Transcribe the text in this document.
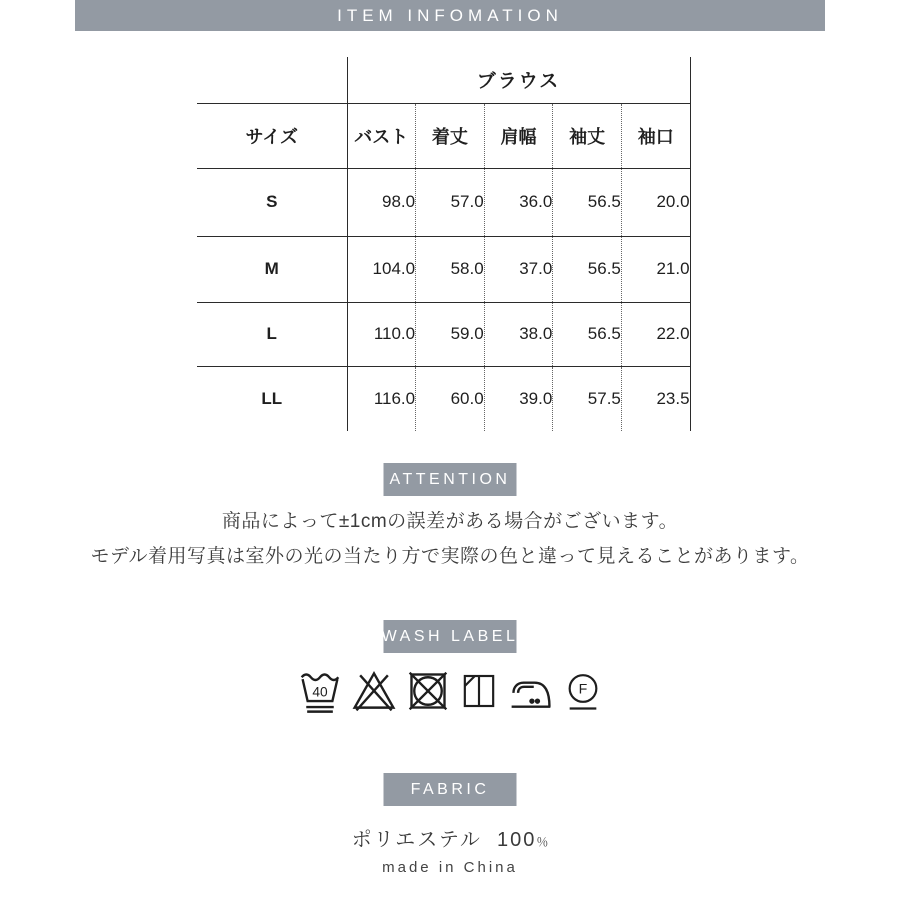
ITEM INFOMATION
	ブラウス				
サイズ	バスト	着丈	肩幅	袖丈	袖口
S	98.0	57.0	36.0	56.5	20.0
M	104.0	58.0	37.0	56.5	21.0
L	110.0	59.0	38.0	56.5	22.0
LL	116.0	60.0	39.0	57.5	23.5
ATTENTION
商品によって±1cmの誤差がある場合がございます。
モデル着用写真は室外の光の当たり方で実際の色と違って見えることがあります。
WASH LABEL
40	F
FABRIC
ポリエステル 100％
made in China
